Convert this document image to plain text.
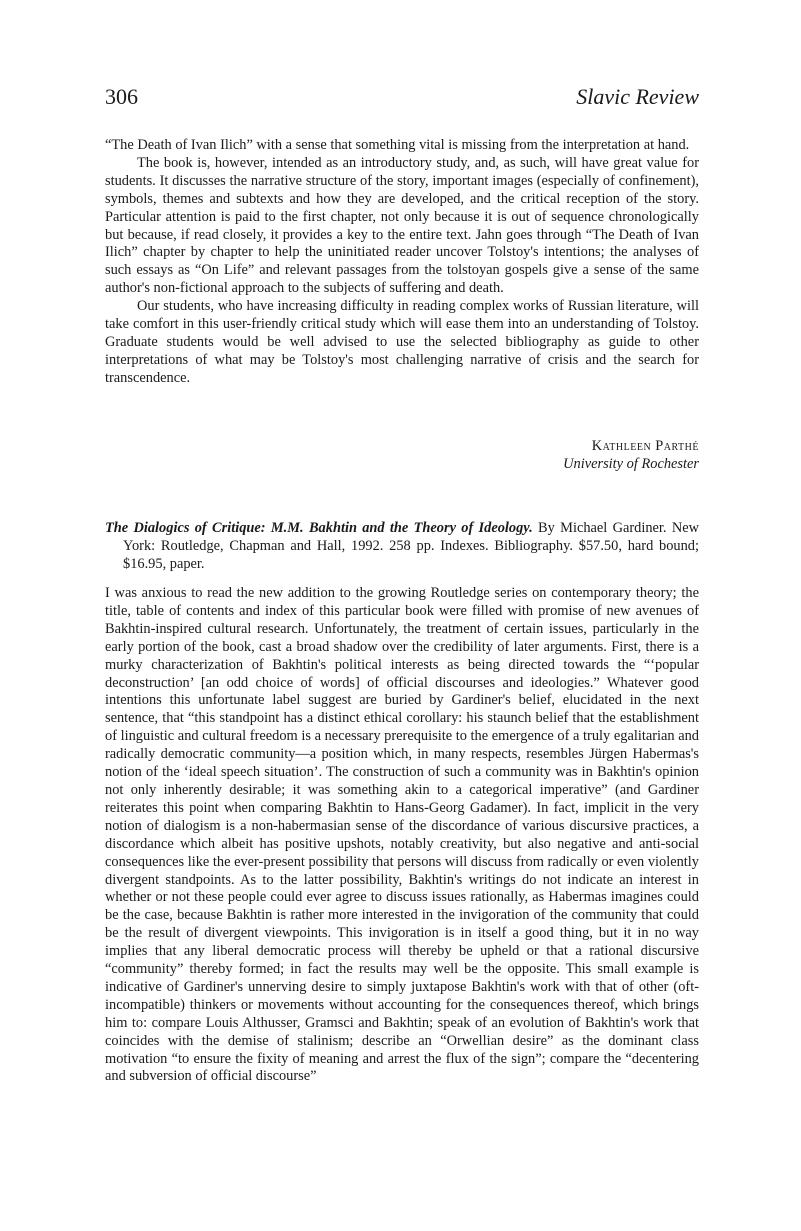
306	Slavic Review

“The Death of Ivan Ilich” with a sense that something vital is missing from the interpretation at hand.

The book is, however, intended as an introductory study, and, as such, will have great value for students. It discusses the narrative structure of the story, important images (especially of confinement), symbols, themes and subtexts and how they are developed, and the critical reception of the story. Particular attention is paid to the first chapter, not only because it is out of sequence chronologically but because, if read closely, it provides a key to the entire text. Jahn goes through “The Death of Ivan Ilich” chapter by chapter to help the uninitiated reader uncover Tolstoy's intentions; the analyses of such essays as “On Life” and relevant passages from the tolstoyan gospels give a sense of the same author's non-fictional approach to the subjects of suffering and death.

Our students, who have increasing difficulty in reading complex works of Russian literature, will take comfort in this user-friendly critical study which will ease them into an understanding of Tolstoy. Graduate students would be well advised to use the selected bibliography as guide to other interpretations of what may be Tolstoy's most challenging narrative of crisis and the search for transcendence.

Kathleen Parthé
University of Rochester
The Dialogics of Critique: M.M. Bakhtin and the Theory of Ideology. By Michael Gardiner. New York: Routledge, Chapman and Hall, 1992. 258 pp. Indexes. Bibliography. $57.50, hard bound; $16.95, paper.

I was anxious to read the new addition to the growing Routledge series on contemporary theory; the title, table of contents and index of this particular book were filled with promise of new avenues of Bakhtin-inspired cultural research. Unfortunately, the treatment of certain issues, particularly in the early portion of the book, cast a broad shadow over the credibility of later arguments. First, there is a murky characterization of Bakhtin's political interests as being directed towards the “‘popular deconstruction’ [an odd choice of words] of official discourses and ideologies.” Whatever good intentions this unfortunate label suggest are buried by Gardiner's belief, elucidated in the next sentence, that “this standpoint has a distinct ethical corollary: his staunch belief that the establishment of linguistic and cultural freedom is a necessary prerequisite to the emergence of a truly egalitarian and radically democratic community—a position which, in many respects, resembles Jürgen Habermas's notion of the ‘ideal speech situation’. The construction of such a community was in Bakhtin's opinion not only inherently desirable; it was something akin to a categorical imperative” (and Gardiner reiterates this point when comparing Bakhtin to Hans-Georg Gadamer). In fact, implicit in the very notion of dialogism is a non-habermasian sense of the discordance of various discursive practices, a discordance which albeit has positive upshots, notably creativity, but also negative and anti-social consequences like the ever-present possibility that persons will discuss from radically or even violently divergent standpoints. As to the latter possibility, Bakhtin's writings do not indicate an interest in whether or not these people could ever agree to discuss issues rationally, as Habermas imagines could be the case, because Bakhtin is rather more interested in the invigoration of the community that could be the result of divergent viewpoints. This invigoration is in itself a good thing, but it in no way implies that any liberal democratic process will thereby be upheld or that a rational discursive “community” thereby formed; in fact the results may well be the opposite. This small example is indicative of Gardiner's unnerving desire to simply juxtapose Bakhtin's work with that of other (oft-incompatible) thinkers or movements without accounting for the consequences thereof, which brings him to: compare Louis Althusser, Gramsci and Bakhtin; speak of an evolution of Bakhtin's work that coincides with the demise of stalinism; describe an “Orwellian desire” as the dominant class motivation “to ensure the fixity of meaning and arrest the flux of the sign”; compare the “decentering and subversion of official discourse”
